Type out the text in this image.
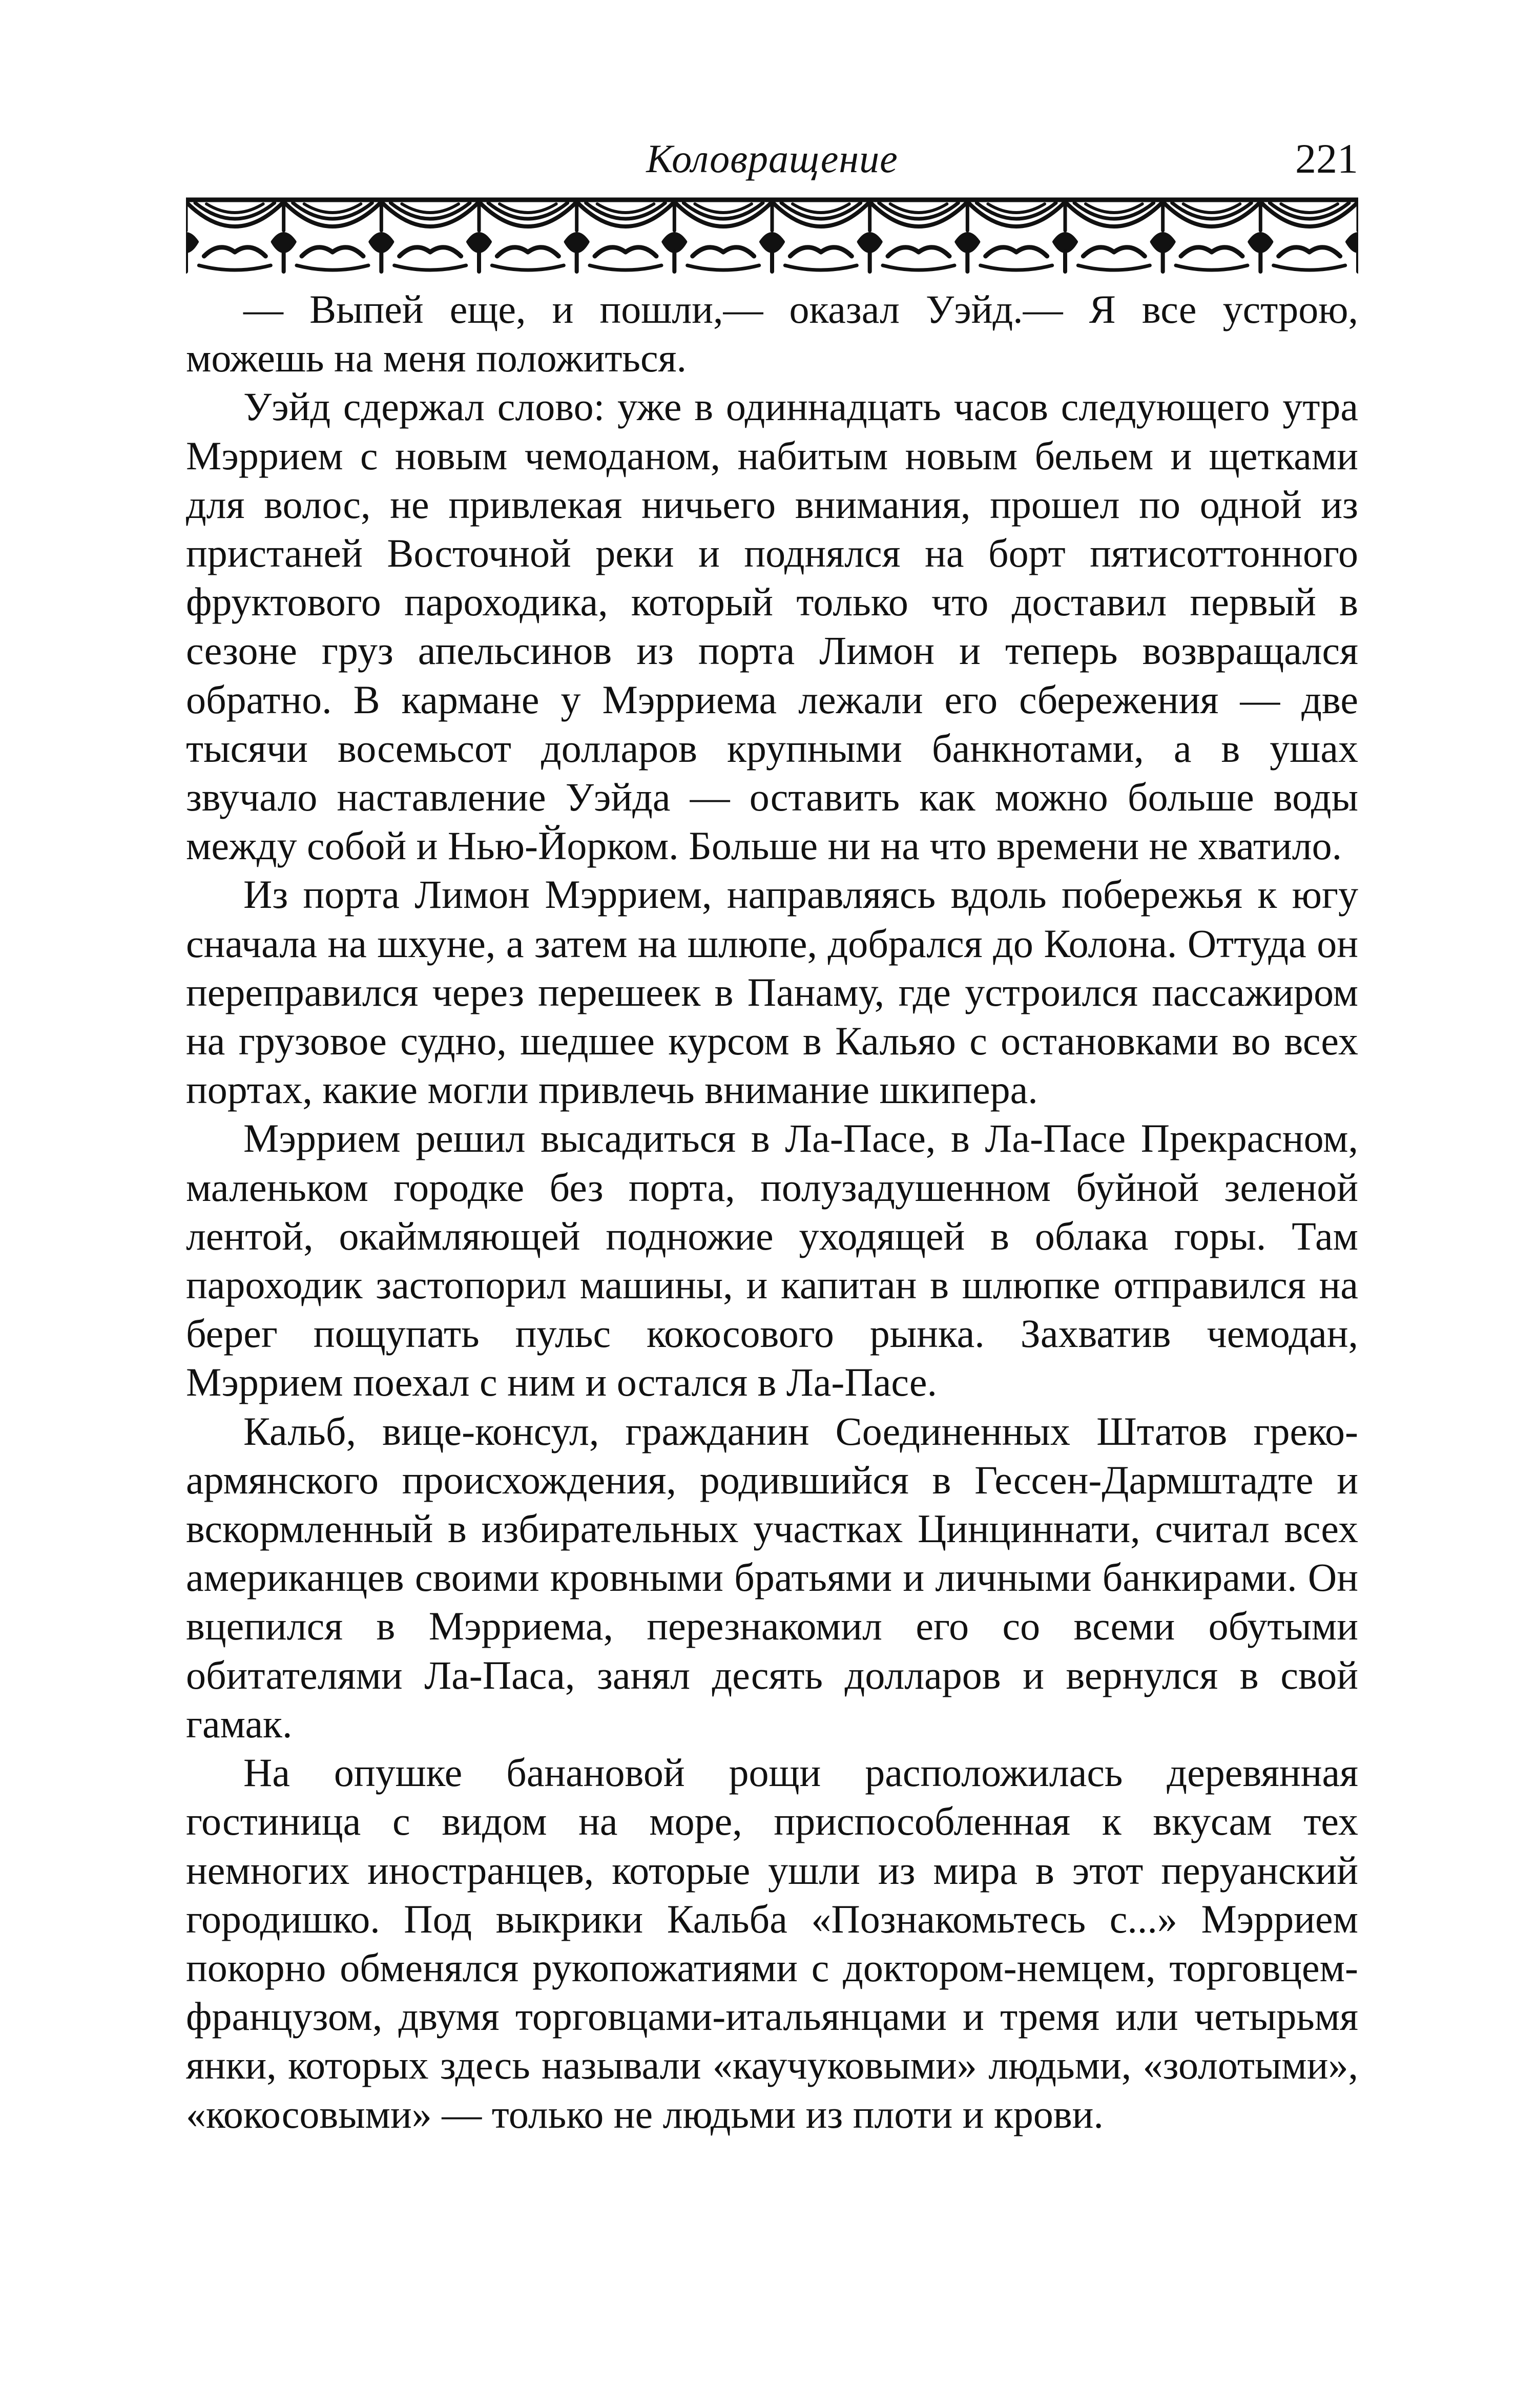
Коловращение	221

— Выпей еще, и пошли,— оказал Уэйд.— Я все устрою, можешь на меня положиться.

Уэйд сдержал слово: уже в одиннадцать часов следующего утра Мэррием с новым чемоданом, набитым новым бельем и щетками для волос, не привлекая ничьего внимания, прошел по одной из пристаней Восточной реки и поднялся на борт пятисоттонного фруктового пароходика, который только что доставил первый в сезоне груз апельсинов из порта Лимон и теперь возвращался обратно. В кармане у Мэрриема лежали его сбережения — две тысячи восемьсот долларов крупными банкнотами, а в ушах звучало наставление Уэйда — оставить как можно больше воды между собой и Нью-Йорком. Больше ни на что времени не хватило.

Из порта Лимон Мэррием, направляясь вдоль побережья к югу сначала на шхуне, а затем на шлюпе, добрался до Колона. Оттуда он переправился через перешеек в Панаму, где устроился пассажиром на грузовое судно, шедшее курсом в Кальяо с остановками во всех портах, какие могли привлечь внимание шкипера.

Мэррием решил высадиться в Ла-Пасе, в Ла-Пасе Прекрасном, маленьком городке без порта, полузадушенном буйной зеленой лентой, окаймляющей подножие уходящей в облака горы. Там пароходик застопорил машины, и капитан в шлюпке отправился на берег пощупать пульс кокосового рынка. Захватив чемодан, Мэррием поехал с ним и остался в Ла-Пасе.

Кальб, вице-консул, гражданин Соединенных Штатов греко-армянского происхождения, родившийся в Гессен-Дармштадте и вскормленный в избирательных участках Цинциннати, считал всех американцев своими кровными братьями и личными банкирами. Он вцепился в Мэрриема, перезнакомил его со всеми обутыми обитателями Ла-Паса, занял десять долларов и вернулся в свой гамак.

На опушке банановой рощи расположилась деревянная гостиница с видом на море, приспособленная к вкусам тех немногих иностранцев, которые ушли из мира в этот перуанский городишко. Под выкрики Кальба «Познакомьтесь с...» Мэррием покорно обменялся рукопожатиями с доктором-немцем, торговцем-французом, двумя торговцами-итальянцами и тремя или четырьмя янки, которых здесь называли «каучуковыми» людьми, «золотыми», «кокосовыми» — только не людьми из плоти и крови.
